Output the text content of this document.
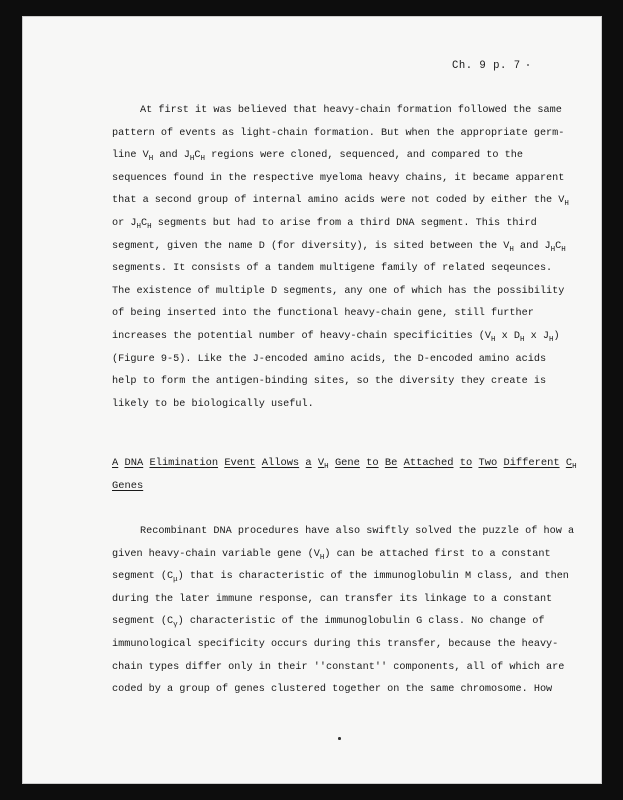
Ch. 9 p. 7
At first it was believed that heavy-chain formation followed the same
pattern of events as light-chain formation. But when the appropriate germ-
line $V_H$ and $J_HC_H$ regions were cloned, sequenced, and compared to the
sequences found in the respective myeloma heavy chains, it became apparent
that a second group of internal amino acids were not coded by either the $V_H$
or $J_HC_H$ segments but had to arise from a third DNA segment. This third
segment, given the name D (for diversity), is sited between the $V_H$ and $J_HC_H$
segments. It consists of a tandem multigene family of related seqeunces.
The existence of multiple D segments, any one of which has the possibility
of being inserted into the functional heavy-chain gene, still further
increases the potential number of heavy-chain specificities ($V_H$ x $D_H$ x $J_H$)
(Figure 9-5). Like the J-encoded amino acids, the D-encoded amino acids
help to form the antigen-binding sites, so the diversity they create is
likely to be biologically useful.
A DNA Elimination Event Allows a $V_H$ Gene to Be Attached to Two Different $C_H$
Genes
Recombinant DNA procedures have also swiftly solved the puzzle of how a
given heavy-chain variable gene $(V_H)$ can be attached first to a constant
segment $(C_\mu)$ that is characteristic of the immunoglobulin M class, and then
during the later immune response, can transfer its linkage to a constant
segment $(C_\gamma)$ characteristic of the immunoglobulin G class. No change of
immunological specificity occurs during this transfer, because the heavy-
chain types differ only in their ''constant'' components, all of which are
coded by a group of genes clustered together on the same chromosome. How
